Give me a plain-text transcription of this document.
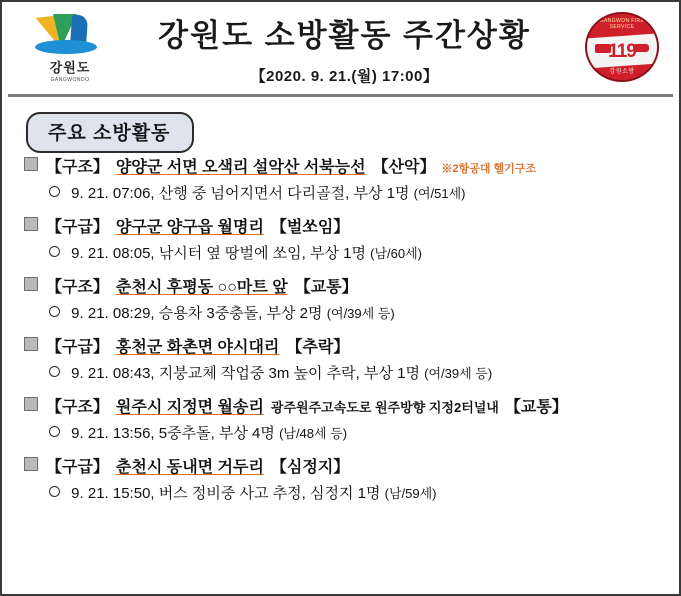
강원도
GANGWONDO
강원도 소방활동 주간상황
【2020. 9. 21.(월) 17:00】
GANGWON FIRE SERVICE
119
강원소방
주요 소방활동
【구조】 양양군 서면 오색리 설악산 서북능선 【산악】 ※2항공대 헬기구조
9. 21. 07:06, 산행 중 넘어지면서 다리골절, 부상 1명 (여/51세)
【구급】 양구군 양구읍 월명리 【벌쏘임】
9. 21. 08:05, 낚시터 옆 땅벌에 쏘임, 부상 1명 (남/60세)
【구조】 춘천시 후평동 ○○마트 앞 【교통】
9. 21. 08:29, 승용차 3중충돌, 부상 2명 (여/39세 등)
【구급】 홍천군 화촌면 야시대리 【추락】
9. 21. 08:43, 지붕교체 작업중 3m 높이 추락, 부상 1명 (여/39세 등)
【구조】 원주시 지정면 월송리 광주원주고속도로 원주방향 지정2터널내 【교통】
9. 21. 13:56, 5중추돌, 부상 4명 (남/48세 등)
【구급】 춘천시 동내면 거두리 【심정지】
9. 21. 15:50, 버스 정비중 사고 추정, 심정지 1명 (남/59세)
